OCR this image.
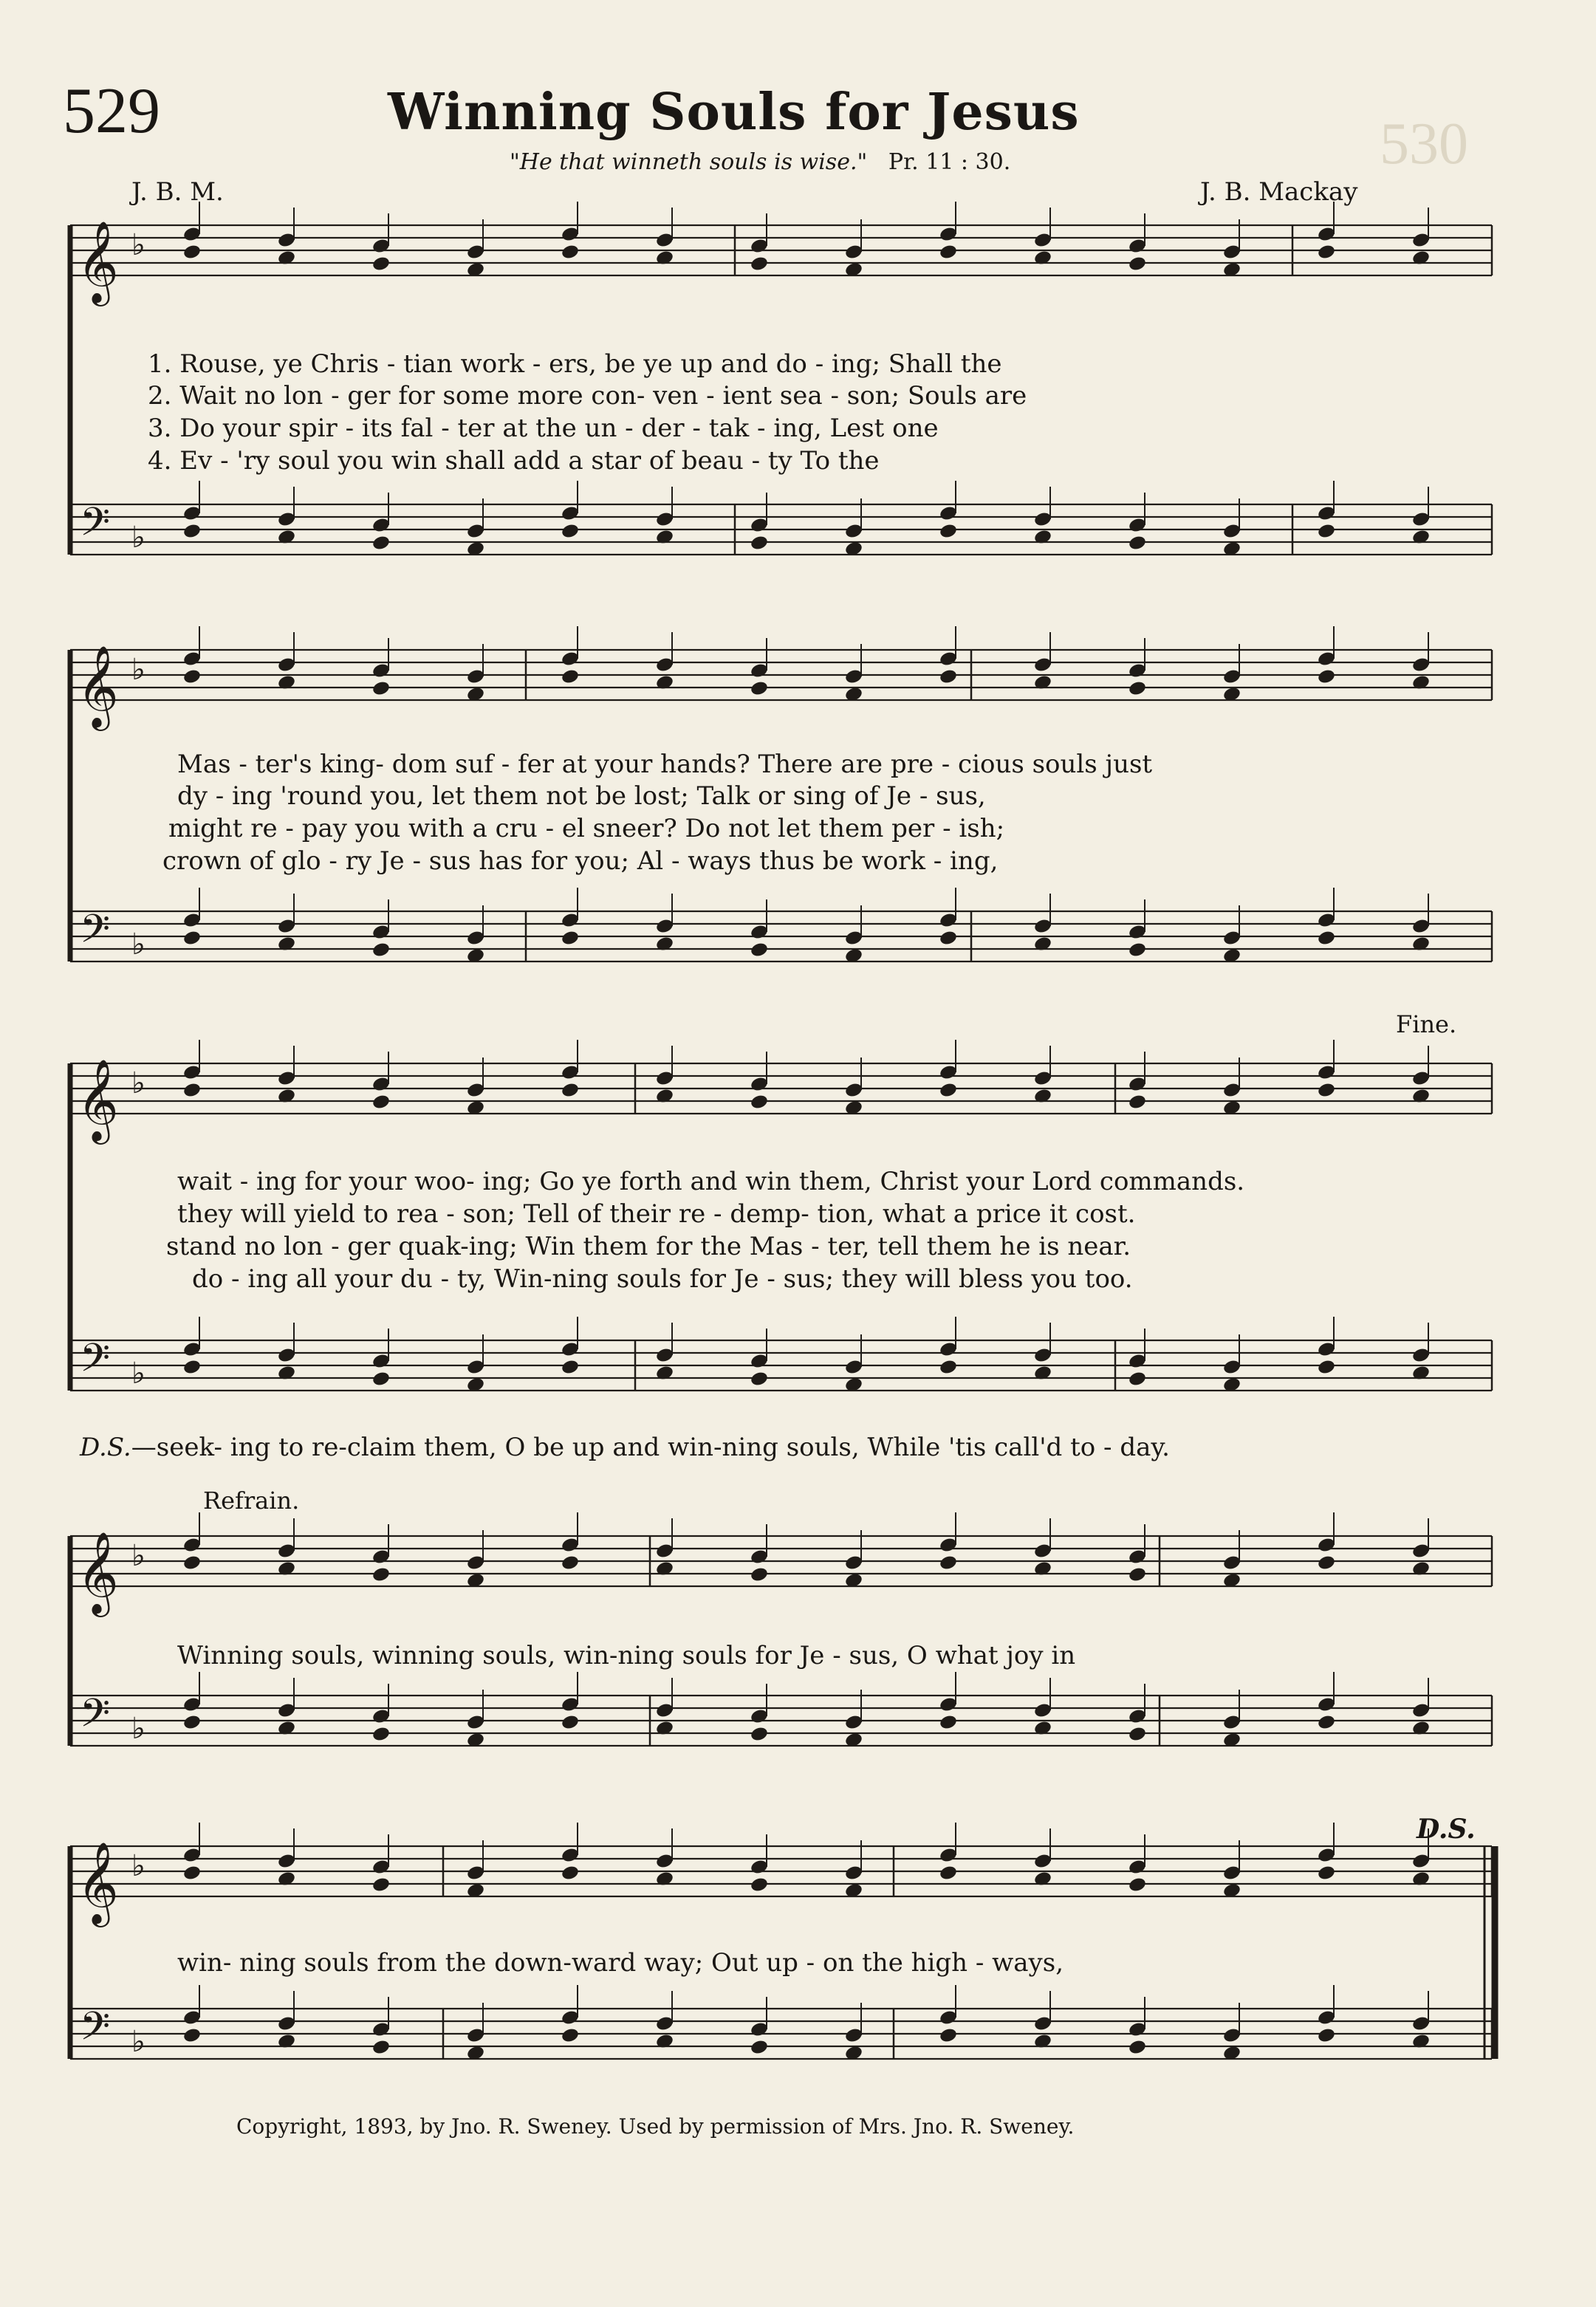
529	Winning Souls for Jesus
"He that winneth souls is wise." Pr. 11 : 30.
J. B. M.	J. B. Mackay
530
𝄞
𝄢
♭
♭
𝄞
𝄢
♭
♭
𝄞
𝄢
♭
♭
𝄞
𝄢
♭
♭
𝄞
𝄢
♭
♭
1. Rouse, ye Chris - tian work - ers, be ye up and do - ing; Shall the
2. Wait no lon - ger for some more con- ven - ient sea - son; Souls are
3. Do your spir - its fal - ter at the un - der - tak - ing, Lest one
4. Ev - 'ry soul you win shall add a star of beau - ty To the
Mas - ter's king- dom suf - fer at your hands? There are pre - cious souls just
dy - ing 'round you, let them not be lost; Talk or sing of Je - sus,
might re - pay you with a cru - el sneer? Do not let them per - ish;
crown of glo - ry Je - sus has for you; Al - ways thus be work - ing,
Fine.
wait - ing for your woo- ing; Go ye forth and win them, Christ your Lord commands.
they will yield to rea - son; Tell of their re - demp- tion, what a price it cost.
stand no lon - ger quak-ing; Win them for the Mas - ter, tell them he is near.
do - ing all your du - ty, Win-ning souls for Je - sus; they will bless you too.
D.S.—seek- ing to re-claim them, O be up and win-ning souls, While 'tis call'd to - day.
Refrain.
Winning souls, winning souls, win-ning souls for Je - sus, O what joy in
D.S.
win- ning souls from the down-ward way; Out up - on the high - ways,
Copyright, 1893, by Jno. R. Sweney. Used by permission of Mrs. Jno. R. Sweney.
